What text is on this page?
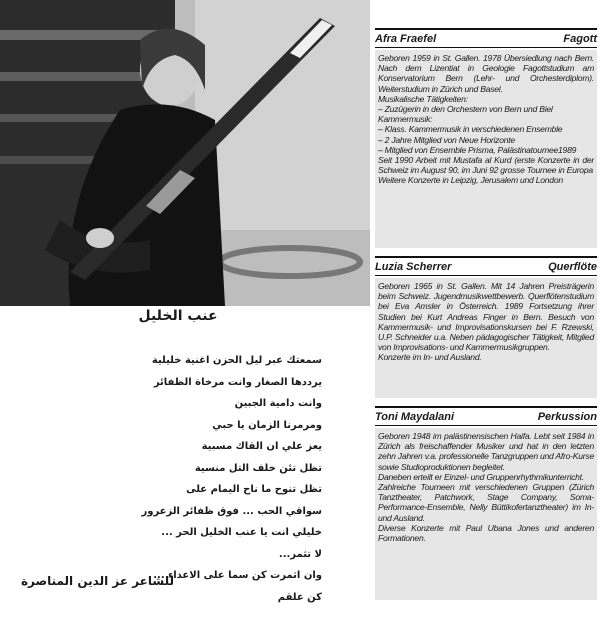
عنب الخليل
سمعتك عبر ليل الحزن اغنية خليلية
يرددها الصغار وانت مرخاة الظفائر
وانت دامية الجبين
ومرمرنا الزمان يا حبي
يعز علي ان القاك مسبية
تظل تئن خلف التل منسية
تظل تنوح ما ناح اليمام على
سواقي الحب ... فوق ظفائر الزعرور
خليلي انت يا عنب الخليل الحر ...
لا تثمر...
وان اثمرت كن سما على الاعداء ...
كن علقم
للشاعر عز الدين المناصرة
Afra Fraefel	Fagott

Geboren 1959 in St. Gallen. 1978 Übersiedlung nach Bern. Nach dem Lizentiat in Geologie Fagottstudium am Konservatorium Bern (Lehr- und Orchesterdiplom). Weiterstudium in Zürich und Basel.

Musikalische Tätigkeiten:

– Zuzügerin in den Orchestern von Bern und Biel

Kammermusik:

– Klass. Kammermusik in verschiedenen Ensemble

– 2 Jahre Mitglied von Neue Horizonte

– Mitglied von Ensemble Prisma, Palästinatournee1989

Seit 1990 Arbeit mit Mustafa al Kurd (erste Konzerte in der Schweiz im August 90, im Juni 92 grosse Tournee in Europa

Weitere Konzerte in Leipzig, Jerusalem und London

Luzia Scherrer	Querflöte

Geboren 1965 in St. Gallen. Mit 14 Jahren Preisträgerin beim Schweiz. Jugendmusikwettbewerb. Querflötenstudium bei Eva Amsler in Österreich. 1989 Fortsetzung ihrer Studien bei Kurt Andreas Finger in Bern. Besuch von Kammermusik- und Improvisationskursen bei F. Rzewski, U.P. Schneider u.a. Neben pädagogischer Tätigkeit, Mitglied von Improvisations- und Kammermusikgruppen.

Konzerte im In- und Ausland.

Toni Maydalani	Perkussion

Geboren 1948 im palästinensischen Haifa. Lebt seit 1984 in Zürich als freischaffender Musiker und hat in den letzten zehn Jahren v.a. professionelle Tanzgruppen und Afro-Kurse sowie Studioproduktionen begleitet.

Daneben erteilt er Einzel- und Gruppenrhythmikunterricht.

Zahlreiche Tourneen mit verschiedenen Gruppen (Zürich Tanztheater, Patchwork, Stage Company, Soma-Performance-Ensemble, Nelly Büttikofertanztheater) im In- und Ausland.

Diverse Konzerte mit Paul Ubana Jones und anderen Formationen.
